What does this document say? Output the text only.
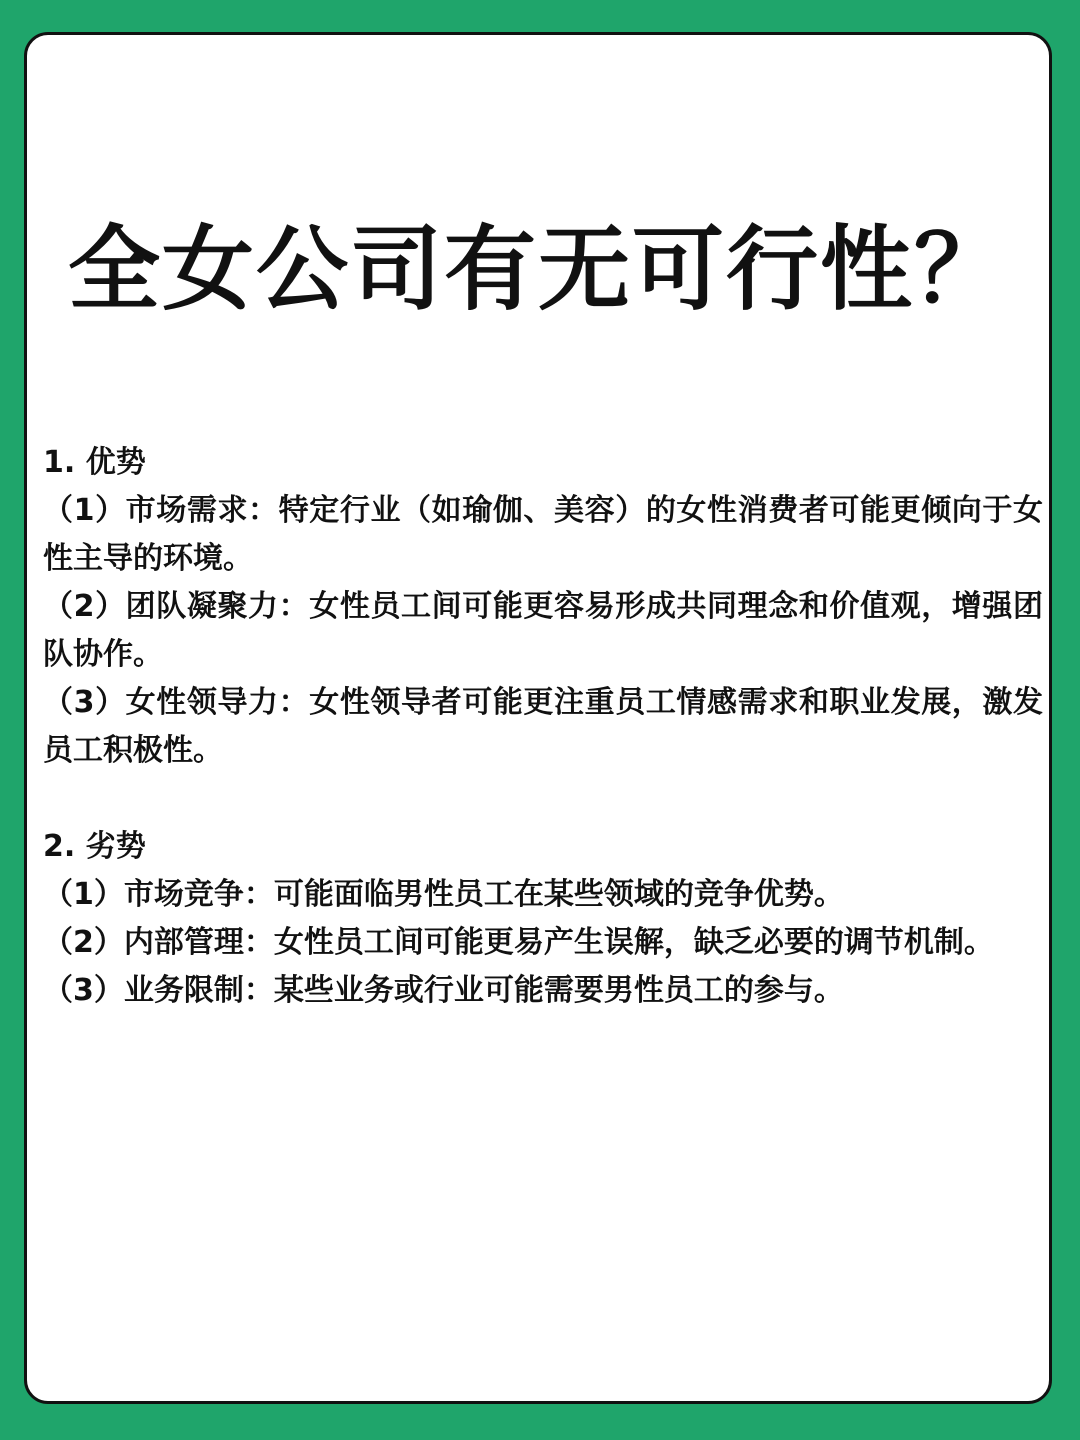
全女公司有无可行性？
1. 优势
（1）市场需求：特定行业（如瑜伽、美容）的女性消费者可能更倾向于女性主导的环境。
（2）团队凝聚力：女性员工间可能更容易形成共同理念和价值观，增强团队协作。
（3）女性领导力：女性领导者可能更注重员工情感需求和职业发展，激发员工积极性。
2. 劣势
（1）市场竞争：可能面临男性员工在某些领域的竞争优势。
（2）内部管理：女性员工间可能更易产生误解，缺乏必要的调节机制。
（3）业务限制：某些业务或行业可能需要男性员工的参与。
